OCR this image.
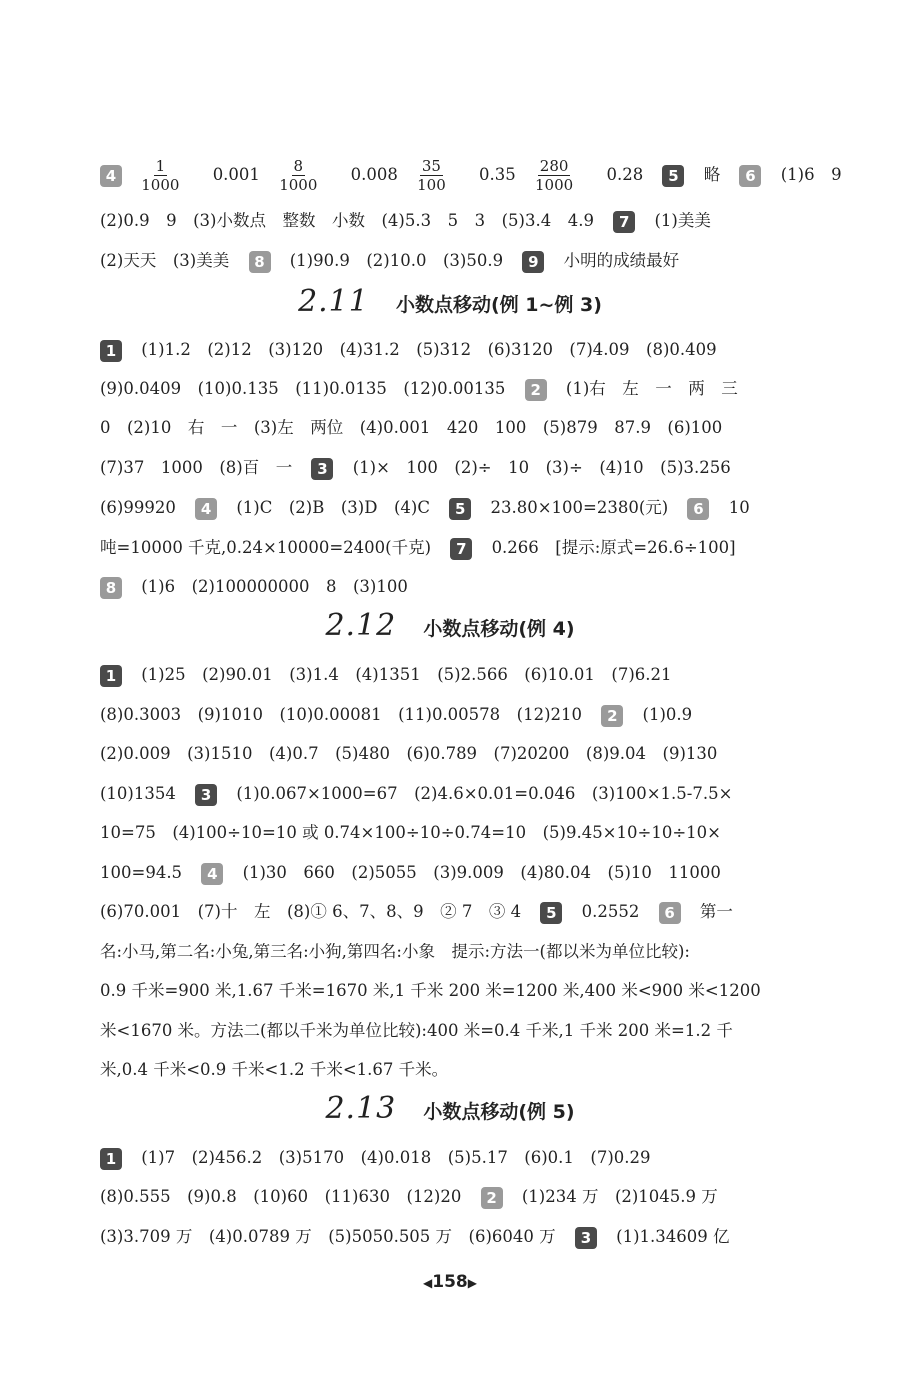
$4 \frac{1}{1000} 0.001 \frac{8}{1000} 0.008 \frac{35}{100} 0.35 \frac{280}{1000} 0.28$ 5 略 6 (1)6　9
(2)0.9　9　(3)小数点　整数　小数　(4)5.3　5　3　(5)3.4　4.9 7 (1)美美
(2)天天　(3)美美 8 (1)90.9　(2)10.0　(3)50.9 9 小明的成绩最好
2.11 小数点移动(例 1~例 3)
1 (1)1.2　(2)12　(3)120　(4)31.2　(5)312　(6)3120　(7)4.09　(8)0.409
(9)0.0409　(10)0.135　(11)0.0135　(12)0.00135 2 (1)右　左　一　两　三
0　(2)10　右　一　(3)左　两位　(4)0.001　420　100　(5)879　87.9　(6)100
(7)37　1000　(8)百　一 3 (1)×　100　(2)÷　10　(3)÷　(4)10　(5)3.256
(6)99920 4 (1)C　(2)B　(3)D　(4)C 5 23.80×100=2380(元) 6 10
吨=10000 千克,0.24×10000=2400(千克) 7 0.266　[提示:原式=26.6÷100]
8 (1)6　(2)100000000　8　(3)100
2.12 小数点移动(例 4)
1 (1)25　(2)90.01　(3)1.4　(4)1351　(5)2.566　(6)10.01　(7)6.21
(8)0.3003　(9)1010　(10)0.00081　(11)0.00578　(12)210 2 (1)0.9
(2)0.009　(3)1510　(4)0.7　(5)480　(6)0.789　(7)20200　(8)9.04　(9)130
(10)1354 3 (1)0.067×1000=67　(2)4.6×0.01=0.046　(3)100×1.5-7.5×
10=75　(4)100÷10=10 或 0.74×100÷10÷0.74=10　(5)9.45×10÷10÷10×
100=94.5 4 (1)30　660　(2)5055　(3)9.009　(4)80.04　(5)10　11000
(6)70.001　(7)十　左　(8)① 6、7、8、9　② 7　③ 4 5 0.2552 6 第一
名:小马,第二名:小兔,第三名:小狗,第四名:小象　提示:方法一(都以米为单位比较):
0.9 千米=900 米,1.67 千米=1670 米,1 千米 200 米=1200 米,400 米<900 米<1200
米<1670 米。方法二(都以千米为单位比较):400 米=0.4 千米,1 千米 200 米=1.2 千
米,0.4 千米<0.9 千米<1.2 千米<1.67 千米。
2.13 小数点移动(例 5)
1 (1)7　(2)456.2　(3)5170　(4)0.018　(5)5.17　(6)0.1　(7)0.29
(8)0.555　(9)0.8　(10)60　(11)630　(12)20 2 (1)234 万　(2)1045.9 万
(3)3.709 万　(4)0.0789 万　(5)5050.505 万　(6)6040 万 3 (1)1.34609 亿
◀158▶
